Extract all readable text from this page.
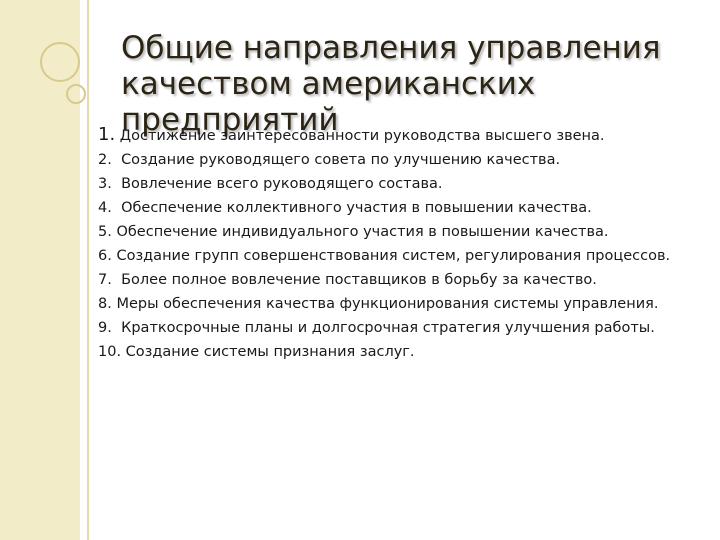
Общие направления управления качеством американских предприятий
1. Достижение заинтересованности руководства высшего звена.
2. Создание руководящего совета по улучшению качества.
3. Вовлечение всего руководящего состава.
4. Обеспечение коллективного участия в повышении качества.
5. Обеспечение индивидуального участия в повышении качества.
6. Создание групп совершенствования систем, регулирования процессов.
7. Более полное вовлечение поставщиков в борьбу за качество.
8. Меры обеспечения качества функционирования системы управления.
9. Краткосрочные планы и долгосрочная стратегия улучшения работы.
10. Создание системы признания заслуг.
